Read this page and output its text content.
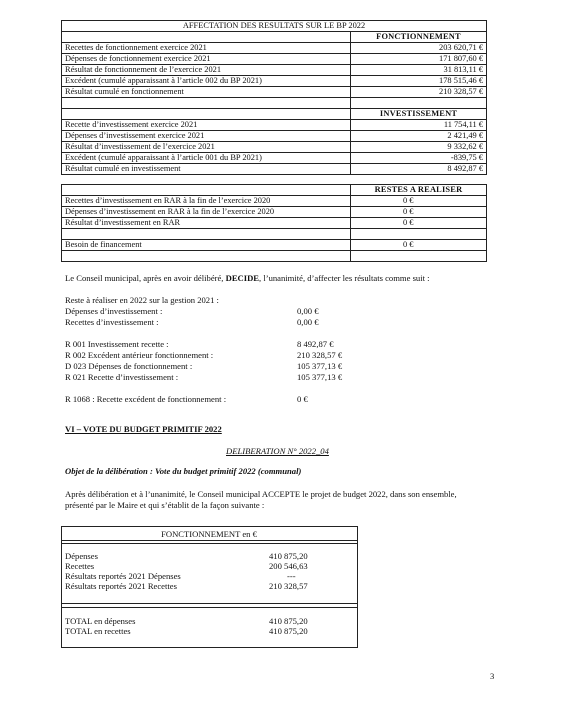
AFFECTATION DES RESULTATS SUR LE BP 2022	
	FONCTIONNEMENT
Recettes de fonctionnement exercice 2021	203 620,71 €
Dépenses de fonctionnement exercice 2021	171 807,60 €
Résultat de fonctionnement de l’exercice 2021	31 813,11 €
Excédent (cumulé apparaissant à l’article 002 du BP 2021)	178 515,46 €
Résultat cumulé en fonctionnement	210 328,57 €

	INVESTISSEMENT
Recette d’investissement exercice 2021	11 754,11 €
Dépenses d’investissement exercice 2021	2 421,49 €
Résultat d’investissement de l’exercice 2021	9 332,62 €
Excédent (cumulé apparaissant à l’article 001 du BP 2021)	-839,75 €
Résultat cumulé en investissement	8 492,87 €
	RESTES A REALISER
Recettes d’investissement en RAR à la fin de l’exercice 2020	0 €
Dépenses d’investissement en RAR à la fin de l’exercice 2020	0 €
Résultat d’investissement en RAR	0 €

Besoin de financement	0 €

Le Conseil municipal, après en avoir délibéré, DECIDE, l’unanimité, d’affecter les résultats comme suit :
Reste à réaliser en 2022 sur la gestion 2021 :
Dépenses d’investissement :	0,00 €
Recettes d’investissement :	0,00 €
R 001 Investissement recette :	8 492,87 €
R 002 Excédent antérieur fonctionnement :	210 328,57 €
D 023 Dépenses de fonctionnement :	105 377,13 €
R 021 Recette d’investissement :	105 377,13 €
R 1068 : Recette excédent de fonctionnement :	0 €
VI – VOTE DU BUDGET PRIMITIF 2022
DELIBERATION N° 2022_04
Objet de la délibération : Vote du budget primitif 2022 (communal)
Après délibération et à l’unanimité, le Conseil municipal ACCEPTE le projet de budget 2022, dans son ensemble,
présenté par le Maire et qui s’établit de la façon suivante :
FONCTIONNEMENT en €
Dépenses	410 875,20
Recettes	200 546,63
Résultats reportés 2021 Dépenses	---
Résultats reportés 2021 Recettes	210 328,57
TOTAL en dépenses	410 875,20
TOTAL en recettes	410 875,20
3
